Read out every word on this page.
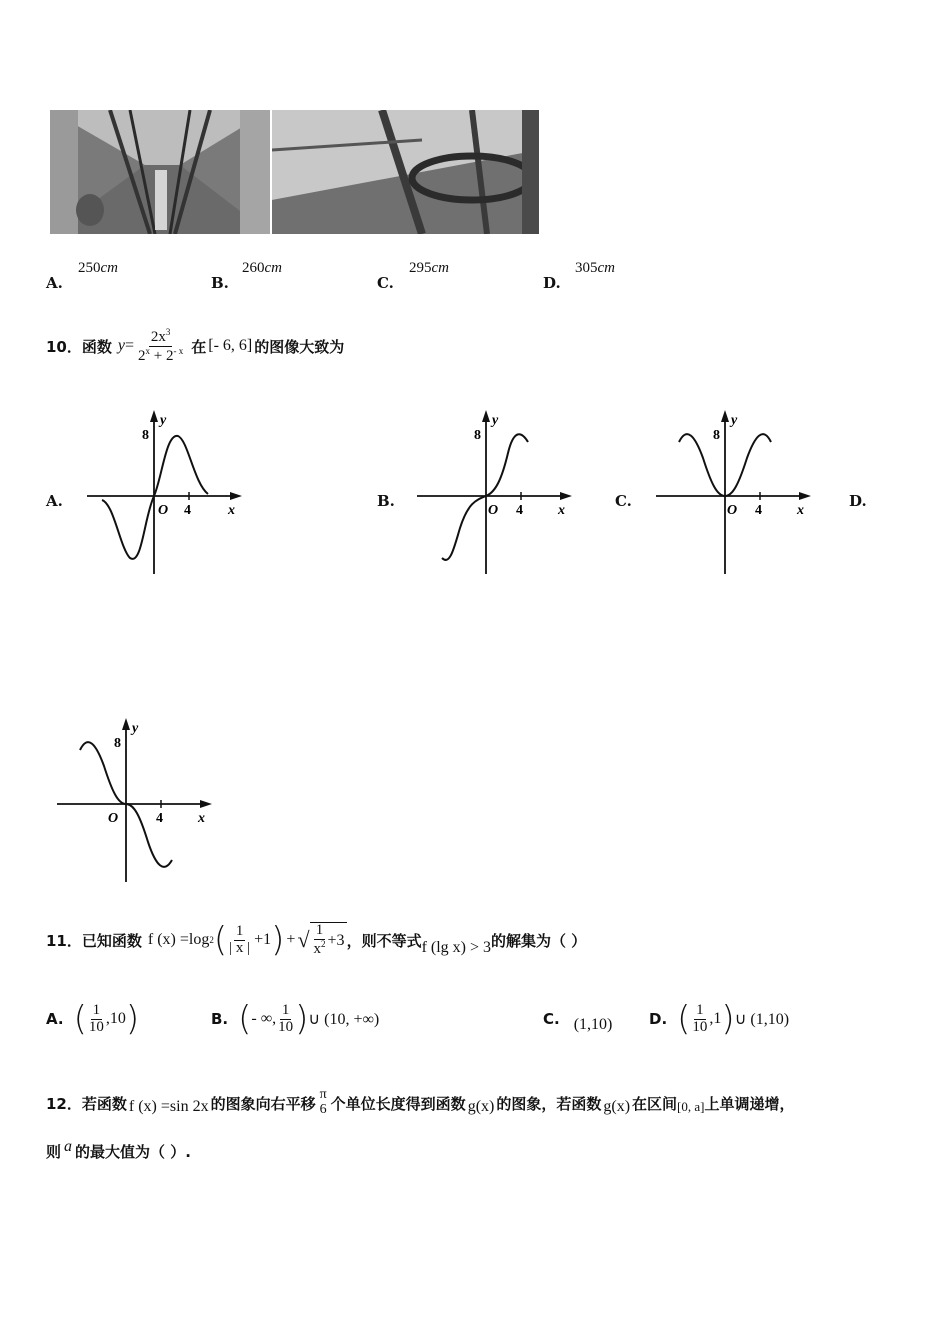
A.
250cm
B.
260cm
C.
295cm
D.
305cm
10． 函数 $y = \frac{2x^3}{2^x + 2^{- x}}$ 在 [- 6, 6] 的图像大致为
A.	B.	C.	D.
y
8
O 4	x
y
8
O 4	x
y
8
O 4	x
y
8
O	4	x
11． 已知函数 f (x) =log 2 ( $\frac{1}{| x |} +1$ ) + √ $\frac{1}{x^2} +3$ ，则不等式 f (lg x) > 3 的解集为（ ）
A. ( $\frac{1}{10} ,10$ )	B. ( - ∞, $\frac{1}{10}$ ) ∪ (10, +∞)	C. (1,10) D. ( $\frac{1}{10} ,1$ ) ∪ (1,10)
12． 若函数 f (x) =sin 2x 的图象向右平移 π
6 个单位长度得到函数 g(x) 的图象，若函数 g(x) 在区间 [0, a] 上单调递增，
则 a 的最大值为（ ）.
